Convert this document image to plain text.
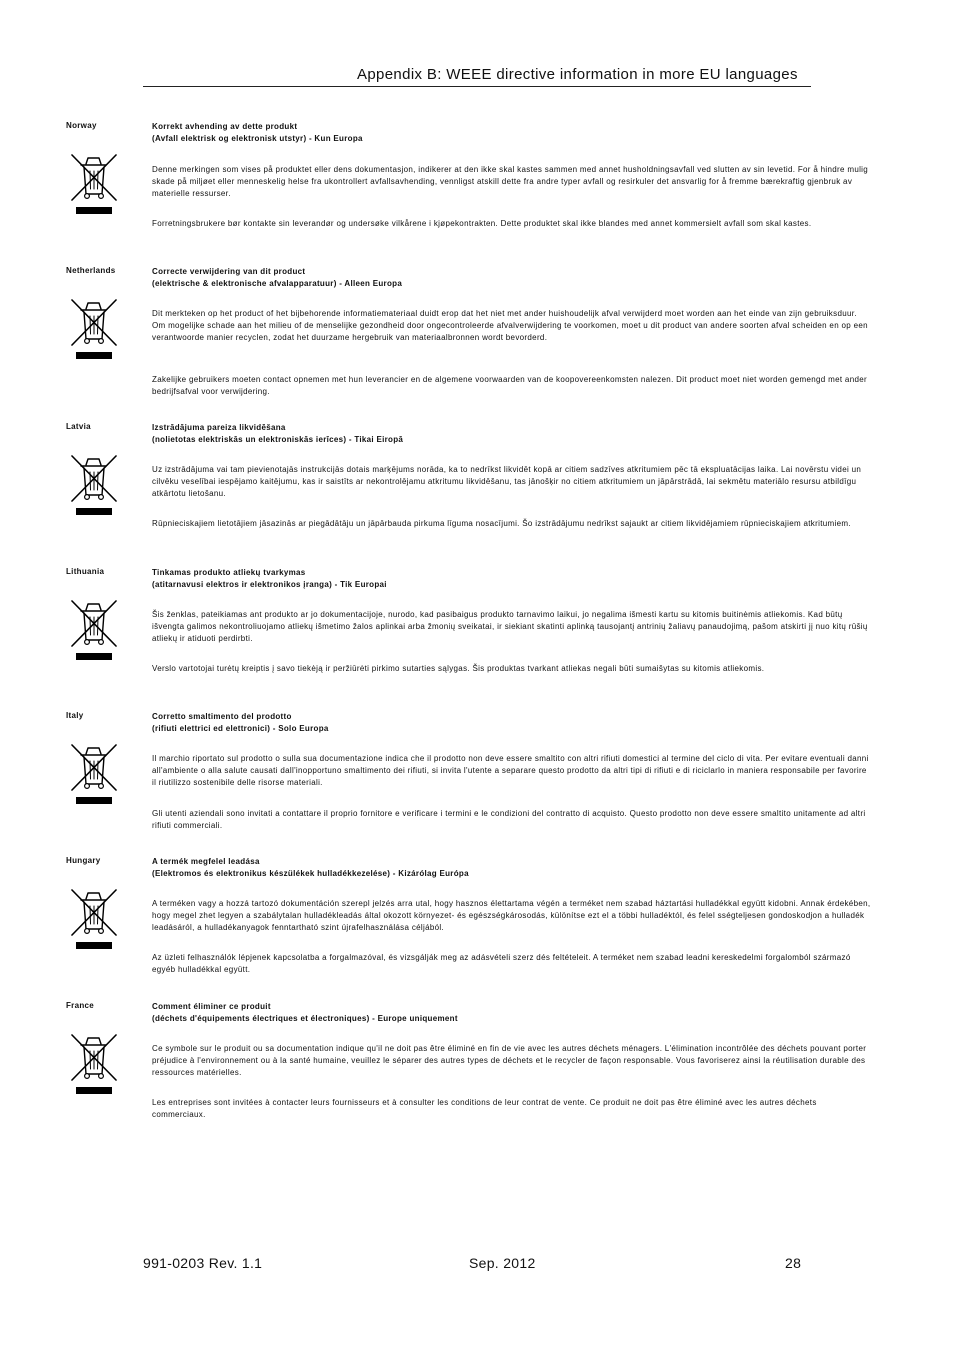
Appendix B: WEEE directive information in more EU languages
Norway	Korrekt avhending av dette produkt
(Avfall elektrisk og elektronisk utstyr) - Kun Europa
Denne merkingen som vises på produktet eller dens dokumentasjon, indikerer at den ikke skal kastes sammen med annet husholdningsavfall ved slutten av sin levetid. For å hindre mulig skade på miljøet eller menneskelig helse fra ukontrollert avfallsavhending, vennligst atskill dette fra andre typer avfall og resirkuler det ansvarlig for å fremme bærekraftig gjenbruk av materielle ressurser.
Forretningsbrukere bør kontakte sin leverandør og undersøke vilkårene i kjøpekontrakten. Dette produktet skal ikke blandes med annet kommersielt avfall som skal kastes.
Netherlands	Correcte verwijdering van dit product
(elektrische & elektronische afvalapparatuur) - Alleen Europa
Dit merkteken op het product of het bijbehorende informatiemateriaal duidt erop dat het niet met ander huishoudelijk afval verwijderd moet worden aan het einde van zijn gebruiksduur. Om mogelijke schade aan het milieu of de menselijke gezondheid door ongecontroleerde afvalverwijdering te voorkomen, moet u dit product van andere soorten afval scheiden en op een verantwoorde manier recyclen, zodat het duurzame hergebruik van materiaalbronnen wordt bevorderd.
Zakelijke gebruikers moeten contact opnemen met hun leverancier en de algemene voorwaarden van de koopovereenkomsten nalezen. Dit product moet niet worden gemengd met ander bedrijfsafval voor verwijdering.
Latvia	Izstrādājuma pareiza likvidēšana
(nolietotas elektriskās un elektroniskās ierīces) - Tikai Eiropā
Uz izstrādājuma vai tam pievienotajās instrukcijās dotais marķējums norāda, ka to nedrīkst likvidēt kopā ar citiem sadzīves atkritumiem pēc tā ekspluatācijas laika. Lai novērstu videi un cilvēku veselībai iespējamo kaitējumu, kas ir saistīts ar nekontrolējamu atkritumu likvidēšanu, tas jānošķir no citiem atkritumiem un jāpārstrādā, lai sekmētu materiālo resursu atbildīgu atkārtotu lietošanu.
Rūpnieciskajiem lietotājiem jāsazinās ar piegādātāju un jāpārbauda pirkuma līguma nosacījumi. Šo izstrādājumu nedrīkst sajaukt ar citiem likvidējamiem rūpnieciskajiem atkritumiem.
Lithuania	Tinkamas produkto atliekų tvarkymas
(atitarnavusi elektros ir elektronikos įranga) - Tik Europai
Šis ženklas, pateikiamas ant produkto ar jo dokumentacijoje, nurodo, kad pasibaigus produkto tarnavimo laikui, jo negalima išmesti kartu su kitomis buitinėmis atliekomis. Kad būtų išvengta galimos nekontroliuojamo atliekų išmetimo žalos aplinkai arba žmonių sveikatai, ir siekiant skatinti aplinką tausojantį antrinių žaliavų panaudojimą, pašom atskirti jį nuo kitų rūšių atliekų ir atiduoti perdirbti.
Verslo vartotojai turėtų kreiptis į savo tiekėją ir peržiūrėti pirkimo sutarties sąlygas. Šis produktas tvarkant atliekas negali būti sumaišytas su kitomis atliekomis.
Italy	Corretto smaltimento del prodotto
(rifiuti elettrici ed elettronici) - Solo Europa
Il marchio riportato sul prodotto o sulla sua documentazione indica che il prodotto non deve essere smaltito con altri rifiuti domestici al termine del ciclo di vita. Per evitare eventuali danni all'ambiente o alla salute causati dall'inopportuno smaltimento dei rifiuti, si invita l'utente a separare questo prodotto da altri tipi di rifiuti e di riciclarlo in maniera responsabile per favorire il riutilizzo sostenibile delle risorse materiali.
Gli utenti aziendali sono invitati a contattare il proprio fornitore e verificare i termini e le condizioni del contratto di acquisto. Questo prodotto non deve essere smaltito unitamente ad altri rifiuti commerciali.
Hungary	A termék megfelel leadása
(Elektromos és elektronikus készülékek hulladékkezelése) - Kizárólag Európa
A terméken vagy a hozzá tartozó dokumentáción szerepl jelzés arra utal, hogy hasznos élettartama végén a terméket nem szabad háztartási hulladékkal együtt kidobni. Annak érdekében, hogy megel zhet legyen a szabálytalan hulladékleadás által okozott környezet- és egészségkárosodás, különítse ezt el a többi hulladéktól, és felel sségteljesen gondoskodjon a hulladék leadásáról, a hulladékanyagok fenntartható szint újrafelhasználása céljából.
Az üzleti felhasználók lépjenek kapcsolatba a forgalmazóval, és vizsgálják meg az adásvételi szerz dés feltételeit. A terméket nem szabad leadni kereskedelmi forgalomból származó egyéb hulladékkal együtt.
France	Comment éliminer ce produit
(déchets d'équipements électriques et électroniques) - Europe uniquement
Ce symbole sur le produit ou sa documentation indique qu'il ne doit pas être éliminé en fin de vie avec les autres déchets ménagers. L'élimination incontrôlée des déchets pouvant porter préjudice à l'environnement ou à la santé humaine, veuillez le séparer des autres types de déchets et le recycler de façon responsable. Vous favoriserez ainsi la réutilisation durable des ressources matérielles.
Les entreprises sont invitées à contacter leurs fournisseurs et à consulter les conditions de leur contrat de vente. Ce produit ne doit pas être éliminé avec les autres déchets commerciaux.
991-0203 Rev. 1.1	Sep. 2012	28
